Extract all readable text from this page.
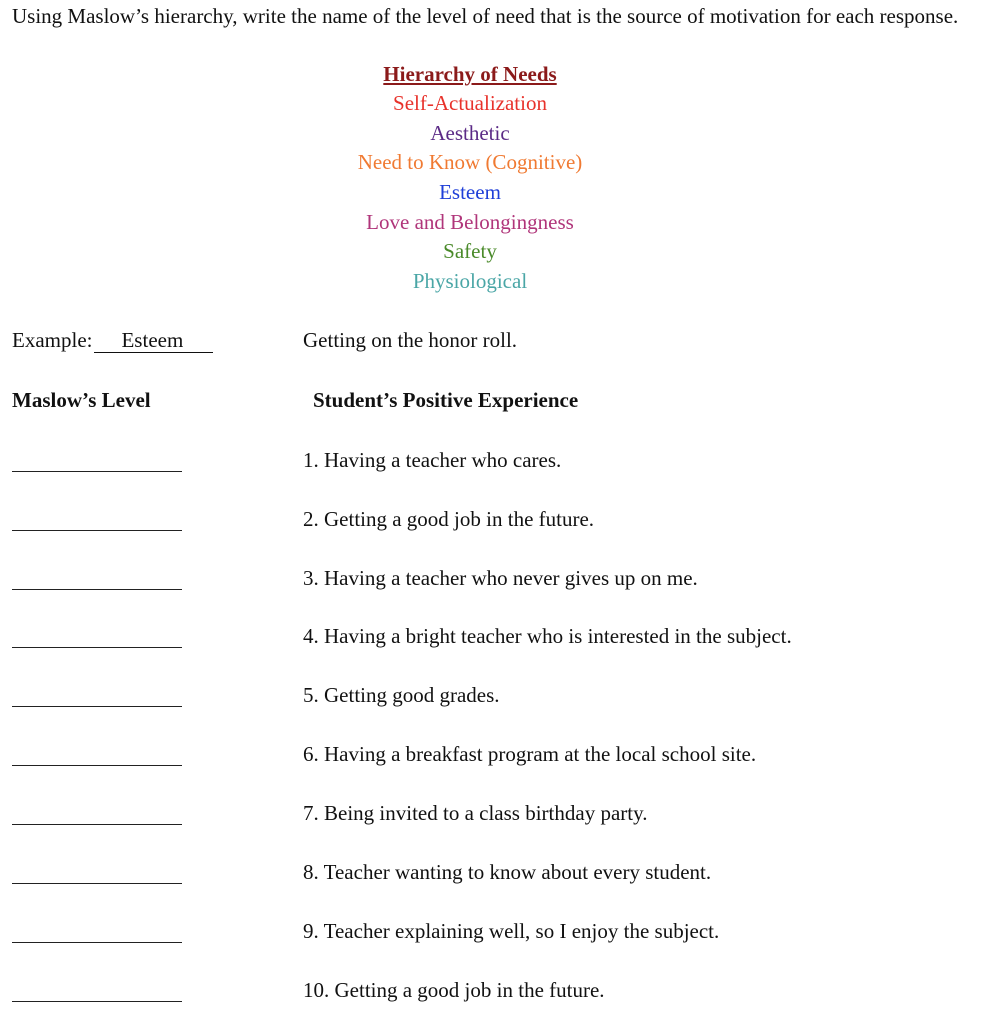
Using Maslow’s hierarchy, write the name of the level of need that is the source of motivation for each response.

Hierarchy of Needs
Self-Actualization
Aesthetic
Need to Know (Cognitive)
Esteem
Love and Belongingness
Safety
Physiological
Example: Esteem	Getting on the honor roll.
Maslow’s Level	Student’s Positive Experience
1. Having a teacher who cares.
2. Getting a good job in the future.
3. Having a teacher who never gives up on me.
4. Having a bright teacher who is interested in the subject.
5. Getting good grades.
6. Having a breakfast program at the local school site.
7. Being invited to a class birthday party.
8. Teacher wanting to know about every student.
9. Teacher explaining well, so I enjoy the subject.
10. Getting a good job in the future.
